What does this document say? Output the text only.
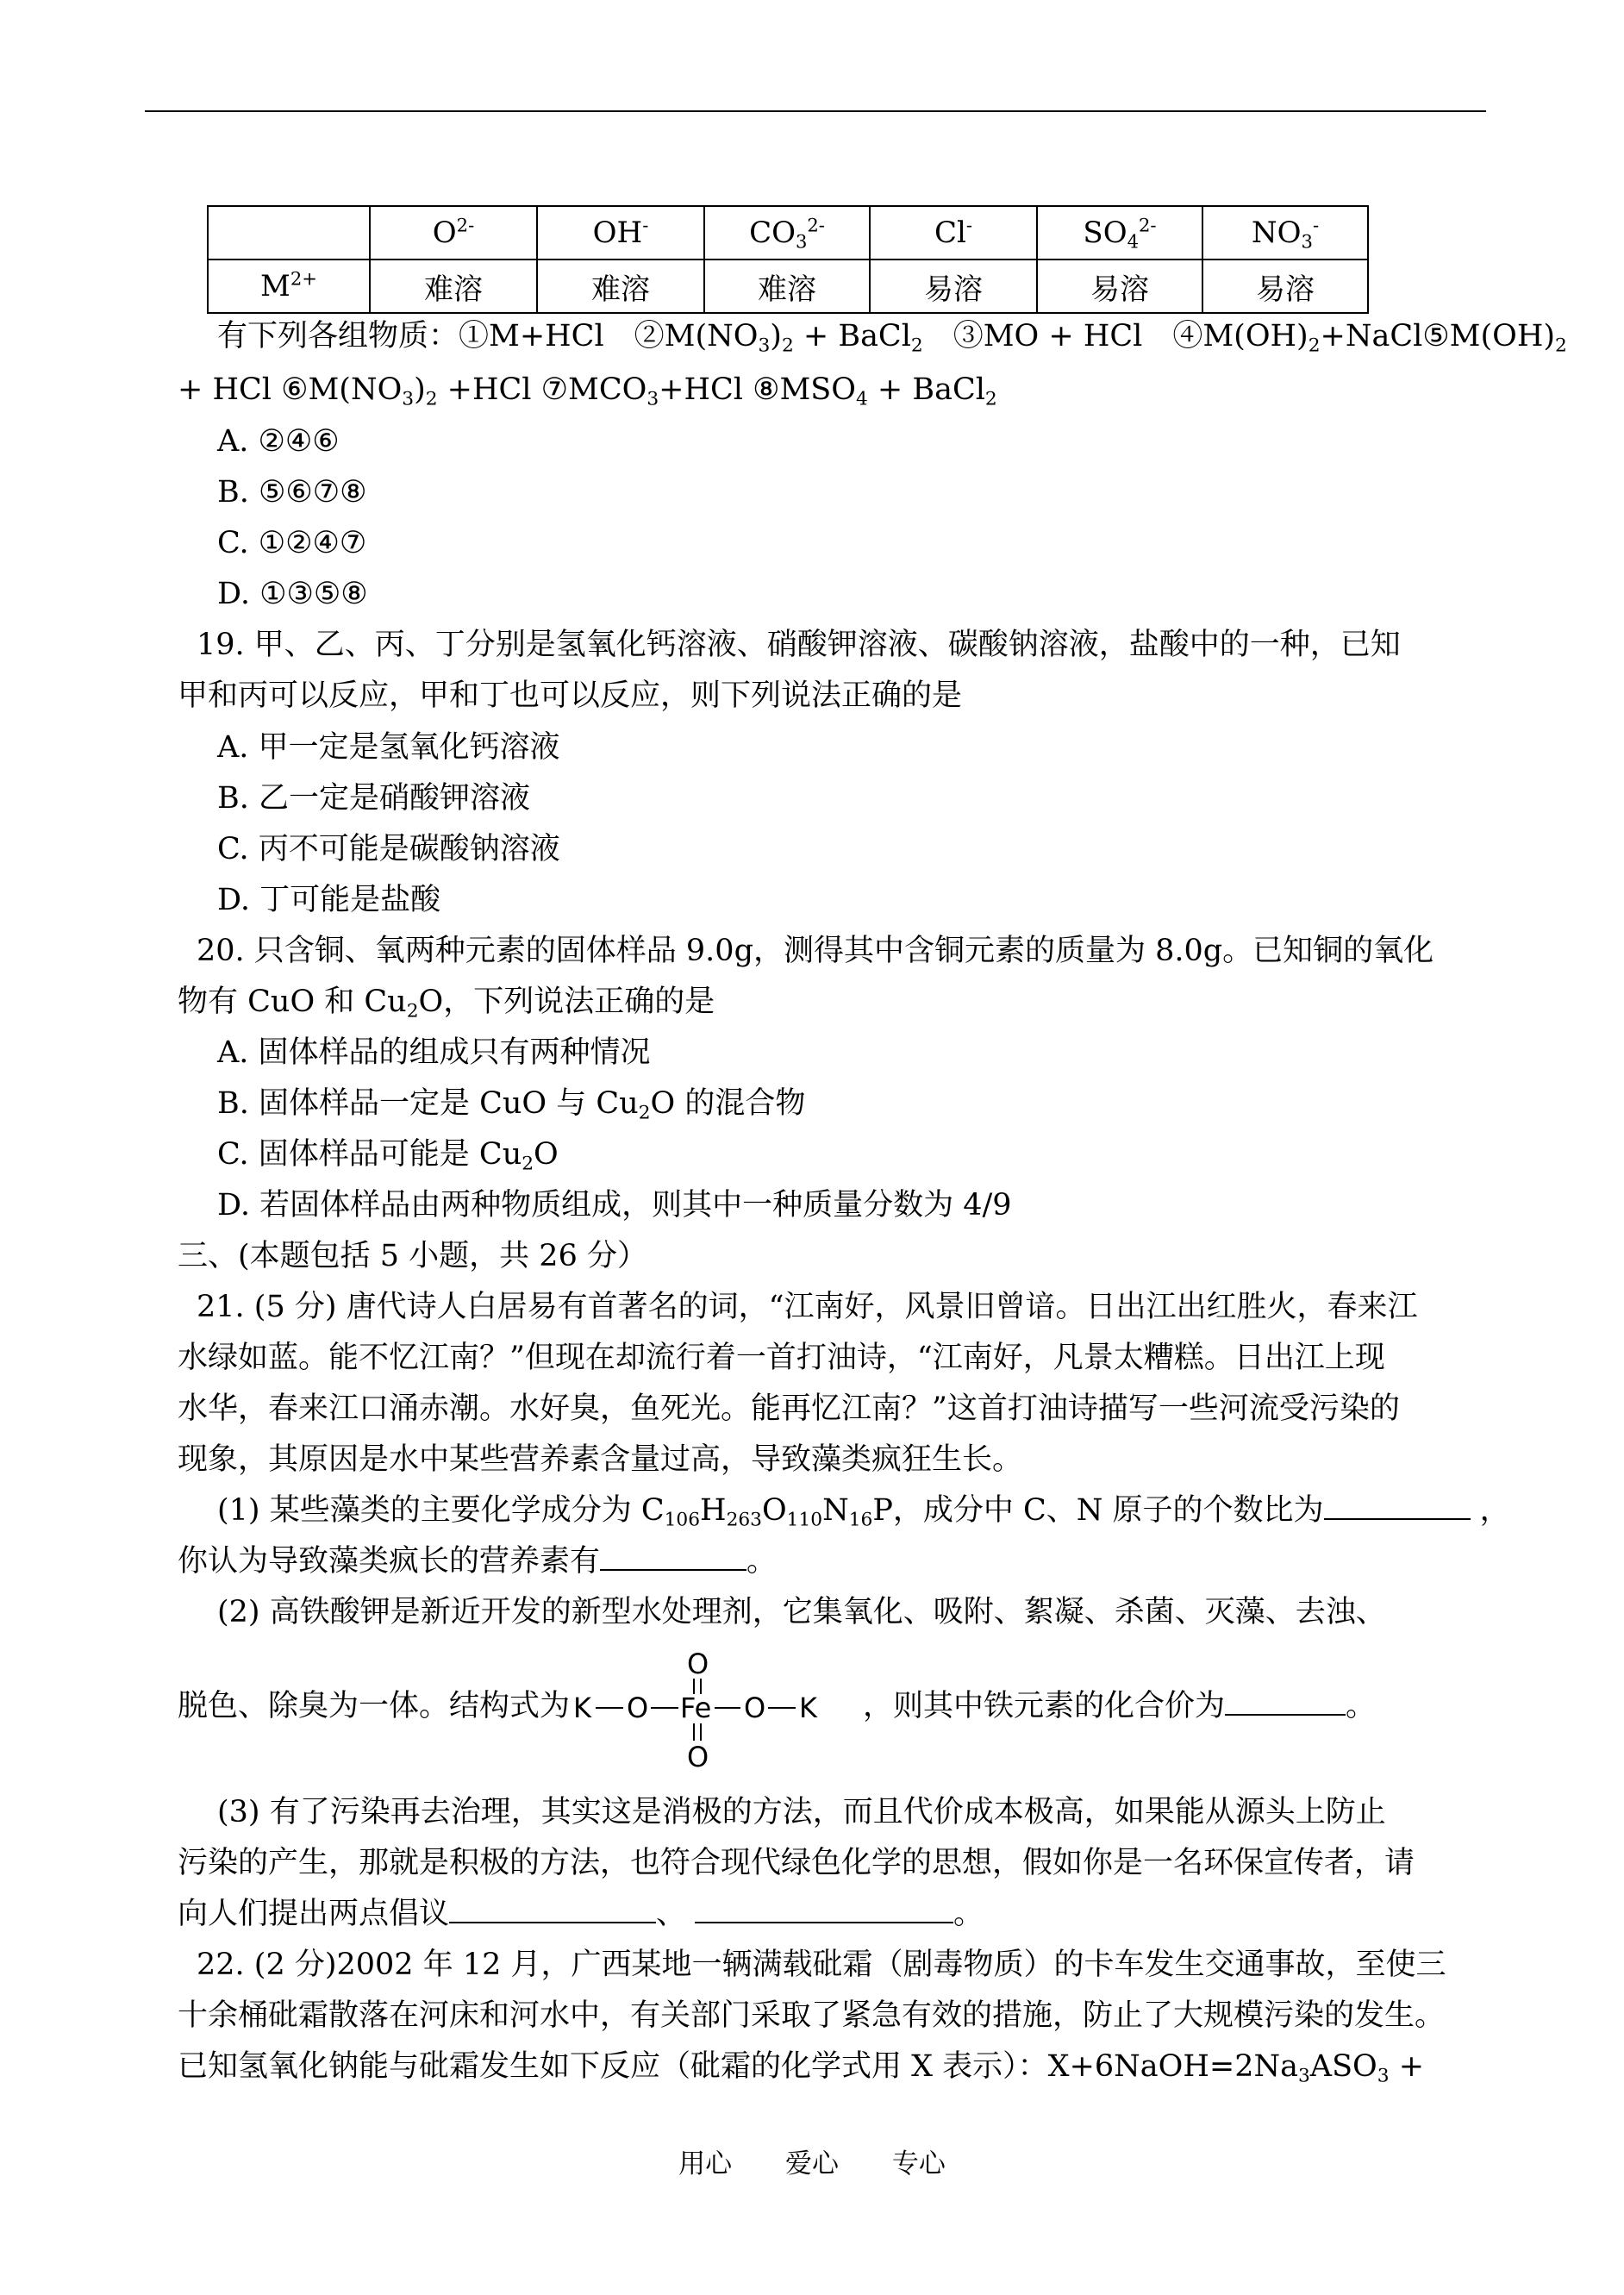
	$O^{2-}$	OH-	$CO_3^{2-}$	Cl-	$SO_4^{2-}$	$NO_3^-$
$M^{2+}$	难溶	难溶	难溶	易溶	易溶	易溶
有下列各组物质：①M+HCl　$②M(NO_3)_2$ + BaCl$_2$　③MO + HCl　$④M(OH)_2+NaCl⑤M(OH)_2$
+ HCl $⑥M(NO_3)_2 +HCl$ $⑦MCO_3+HCl$ $⑧MSO_4$ + BaCl$_2$
A. ②④⑥
B. ⑤⑥⑦⑧
C. ①②④⑦
D. ①③⑤⑧
19. 甲、乙、丙、丁分别是氢氧化钙溶液、硝酸钾溶液、碳酸钠溶液，盐酸中的一种，已知
甲和丙可以反应，甲和丁也可以反应，则下列说法正确的是
A. 甲一定是氢氧化钙溶液
B. 乙一定是硝酸钾溶液
C. 丙不可能是碳酸钠溶液
D. 丁可能是盐酸
20. 只含铜、氧两种元素的固体样品 9.0g，测得其中含铜元素的质量为 8.0g。已知铜的氧化
物有 CuO 和 $Cu_2O$，下列说法正确的是
A. 固体样品的组成只有两种情况
B. 固体样品一定是 CuO 与 $Cu_2O$ 的混合物
C. 固体样品可能是 $Cu_2O$
D. 若固体样品由两种物质组成，则其中一种质量分数为 4/9
三、(本题包括 5 小题，共 26 分）
21. (5 分) 唐代诗人白居易有首著名的词，“江南好，风景旧曾谙。日出江出红胜火，春来江
水绿如蓝。能不忆江南？”但现在却流行着一首打油诗，“江南好，凡景太糟糕。日出江上现
水华，春来江口涌赤潮。水好臭，鱼死光。能再忆江南？”这首打油诗描写一些河流受污染的
现象，其原因是水中某些营养素含量过高，导致藻类疯狂生长。
(1) 某些藻类的主要化学成分为 $C_{106}H_{263}O_{110}N_{16}P$，成分中 C、N 原子的个数比为	，
你认为导致藻类疯长的营养素有	。
(2) 高铁酸钾是新近开发的新型水处理剂，它集氧化、吸附、絮凝、杀菌、灭藻、去浊、
脱色、除臭为一体。结构式为 K O Fe O K
O
O
，则其中铁元素的化合价为	。
(3) 有了污染再去治理，其实这是消极的方法，而且代价成本极高，如果能从源头上防止
污染的产生，那就是积极的方法，也符合现代绿色化学的思想，假如你是一名环保宣传者，请
向人们提出两点倡议	、	。
22. (2 分)2002 年 12 月，广西某地一辆满载砒霜（剧毒物质）的卡车发生交通事故，至使三
十余桶砒霜散落在河床和河水中，有关部门采取了紧急有效的措施，防止了大规模污染的发生。
已知氢氧化钠能与砒霜发生如下反应（砒霜的化学式用 X 表示）：$X+6NaOH=2Na_3ASO_3$ +
用心 爱心 专心
